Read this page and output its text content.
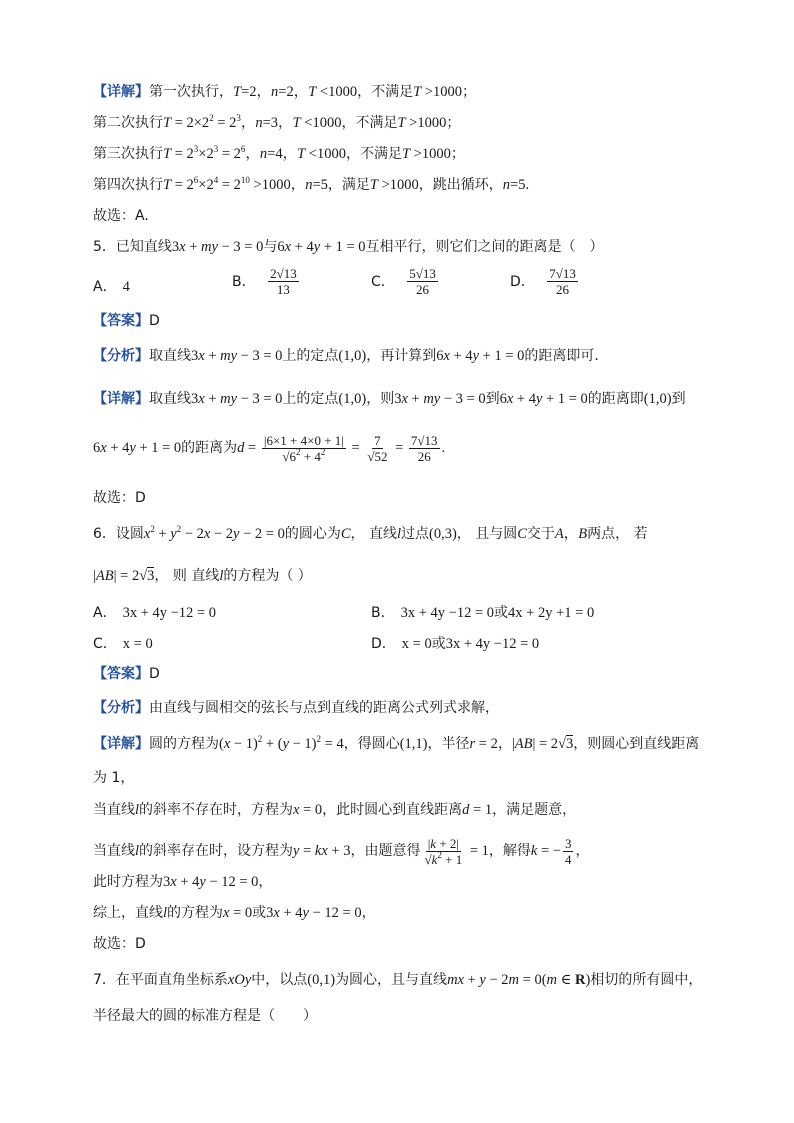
【详解】第一次执行，T=2，n=2，T <1000，不满足T >1000；
第二次执行$T = 2\times 2^2 = 2^3$，n=3，T <1000，不满足T >1000；
第三次执行$T = 2^3\times 2^3 = 2^6$，n=4，T <1000，不满足T >1000；
第四次执行$T = 2^6\times 2^4 = 2^{10} >1000$，n=5，满足T >1000，跳出循环，n=5.
故选：A.
5．已知直线3x + my − 3 = 0与6x + 4y + 1 = 0互相平行，则它们之间的距离是（　）
A． 4	B． $\frac{2√13}{13}$	C． $\frac{5√13}{26}$	D． $\frac{7√13}{26}$
【答案】D
【分析】取直线3x + my − 3 = 0上的定点(1,0)，再计算到6x + 4y + 1 = 0的距离即可.
【详解】取直线3x + my − 3 = 0上的定点(1,0)，则3x + my − 3 = 0到6x + 4y + 1 = 0的距离即(1,0)到
6x + 4y + 1 = 0的距离为$d = \frac{|6\times 1 + 4\times 0 + 1|}{√6^2 + 4^2} = \frac{7}{√52} = \frac{7√13}{26}$ .
故选：D
6．设圆$x^2 + y^2 - 2x - 2y - 2 = 0$的圆心为C， 直线l过点(0,3)， 且与圆C交于A，B两点， 若
|AB| = 2√3， 则 直线l的方程为（ ）
A． 3x + 4y −12 = 0	B． 3x + 4y −12 = 0或4x + 2y +1 = 0
C． x = 0	D． x = 0或3x + 4y −12 = 0
【答案】D
【分析】由直线与圆相交的弦长与点到直线的距离公式列式求解，
【详解】圆的方程为$(x - 1)^2 + (y - 1)^2 = 4$，得圆心(1,1)，半径r = 2，|AB| = 2√3，则圆心到直线距离
为 1，
当直线l的斜率不存在时，方程为x = 0，此时圆心到直线距离d = 1，满足题意，
当直线l的斜率存在时，设方程为y = kx + 3，由题意得 $\frac{|k + 2|}{√k^2 + 1} = 1$，解得k = − $\frac{3}{4}$ ，
此时方程为3x + 4y − 12 = 0，
综上，直线l的方程为x = 0或3x + 4y − 12 = 0，
故选：D
7．在平面直角坐标系xOy中，以点(0,1)为圆心，且与直线mx + y − 2m = 0(m ∈ R)相切的所有圆中，
半径最大的圆的标准方程是（　　）
